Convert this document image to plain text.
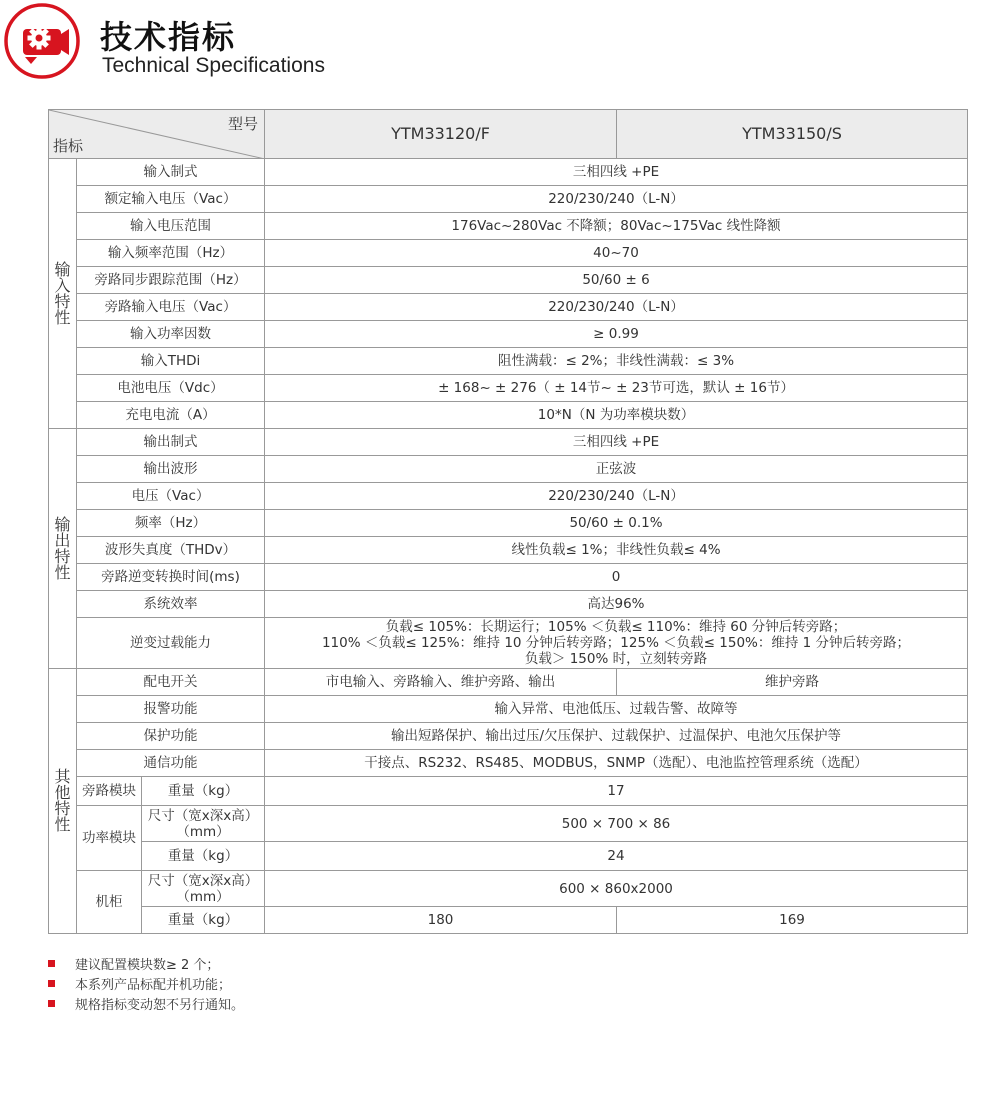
技术指标
Technical Specifications
型号
指标			YTM33120/F	YTM33150/S
输入特性	输入制式		三相四线 +PE	
	额定输入电压（Vac）		220/230/240（L-N）	
	输入电压范围		176Vac~280Vac 不降额；80Vac~175Vac 线性降额	
	输入频率范围（Hz）		40~70	
	旁路同步跟踪范围（Hz）		50/60 ± 6	
	旁路输入电压（Vac）		220/230/240（L-N）	
	输入功率因数		≥ 0.99	
	输入THDi		阻性满载：≤ 2%；非线性满载：≤ 3%	
	电池电压（Vdc）		± 168~ ± 276（ ± 14节~ ± 23节可选，默认 ± 16节）	
	充电电流（A）		10*N（N 为功率模块数）	
输出特性	输出制式		三相四线 +PE	
	输出波形		正弦波	
	电压（Vac）		220/230/240（L-N）	
	频率（Hz）		50/60 ± 0.1%	
	波形失真度（THDv）		线性负载≤ 1%；非线性负载≤ 4%	
	旁路逆变转换时间(ms)		0	
	系统效率		高达96%	
	逆变过载能力		负载≤ 105%：长期运行；105% ＜负载≤ 110%：维持 60 分钟后转旁路；
110% ＜负载≤ 125%：维持 10 分钟后转旁路；125% ＜负载≤ 150%：维持 1 分钟后转旁路；
负载＞ 150% 时，立刻转旁路	

其他特性	配电开关		市电输入、旁路输入、维护旁路、输出	维护旁路
	报警功能		输入异常、电池低压、过载告警、故障等	
	保护功能		输出短路保护、输出过压/欠压保护、过载保护、过温保护、电池欠压保护等	
	通信功能		干接点、RS232、RS485、MODBUS，SNMP（选配）、电池监控管理系统（选配）	
	旁路模块	重量（kg）	17	
	功率模块	尺寸（宽x深x高）
（mm）	500 × 700 × 86	
		重量（kg）	24	
	机柜	尺寸（宽x深x高）
（mm）	600 × 860x2000	
		重量（kg）	180	169
建议配置模块数≥ 2 个；
本系列产品标配并机功能；
规格指标变动恕不另行通知。
